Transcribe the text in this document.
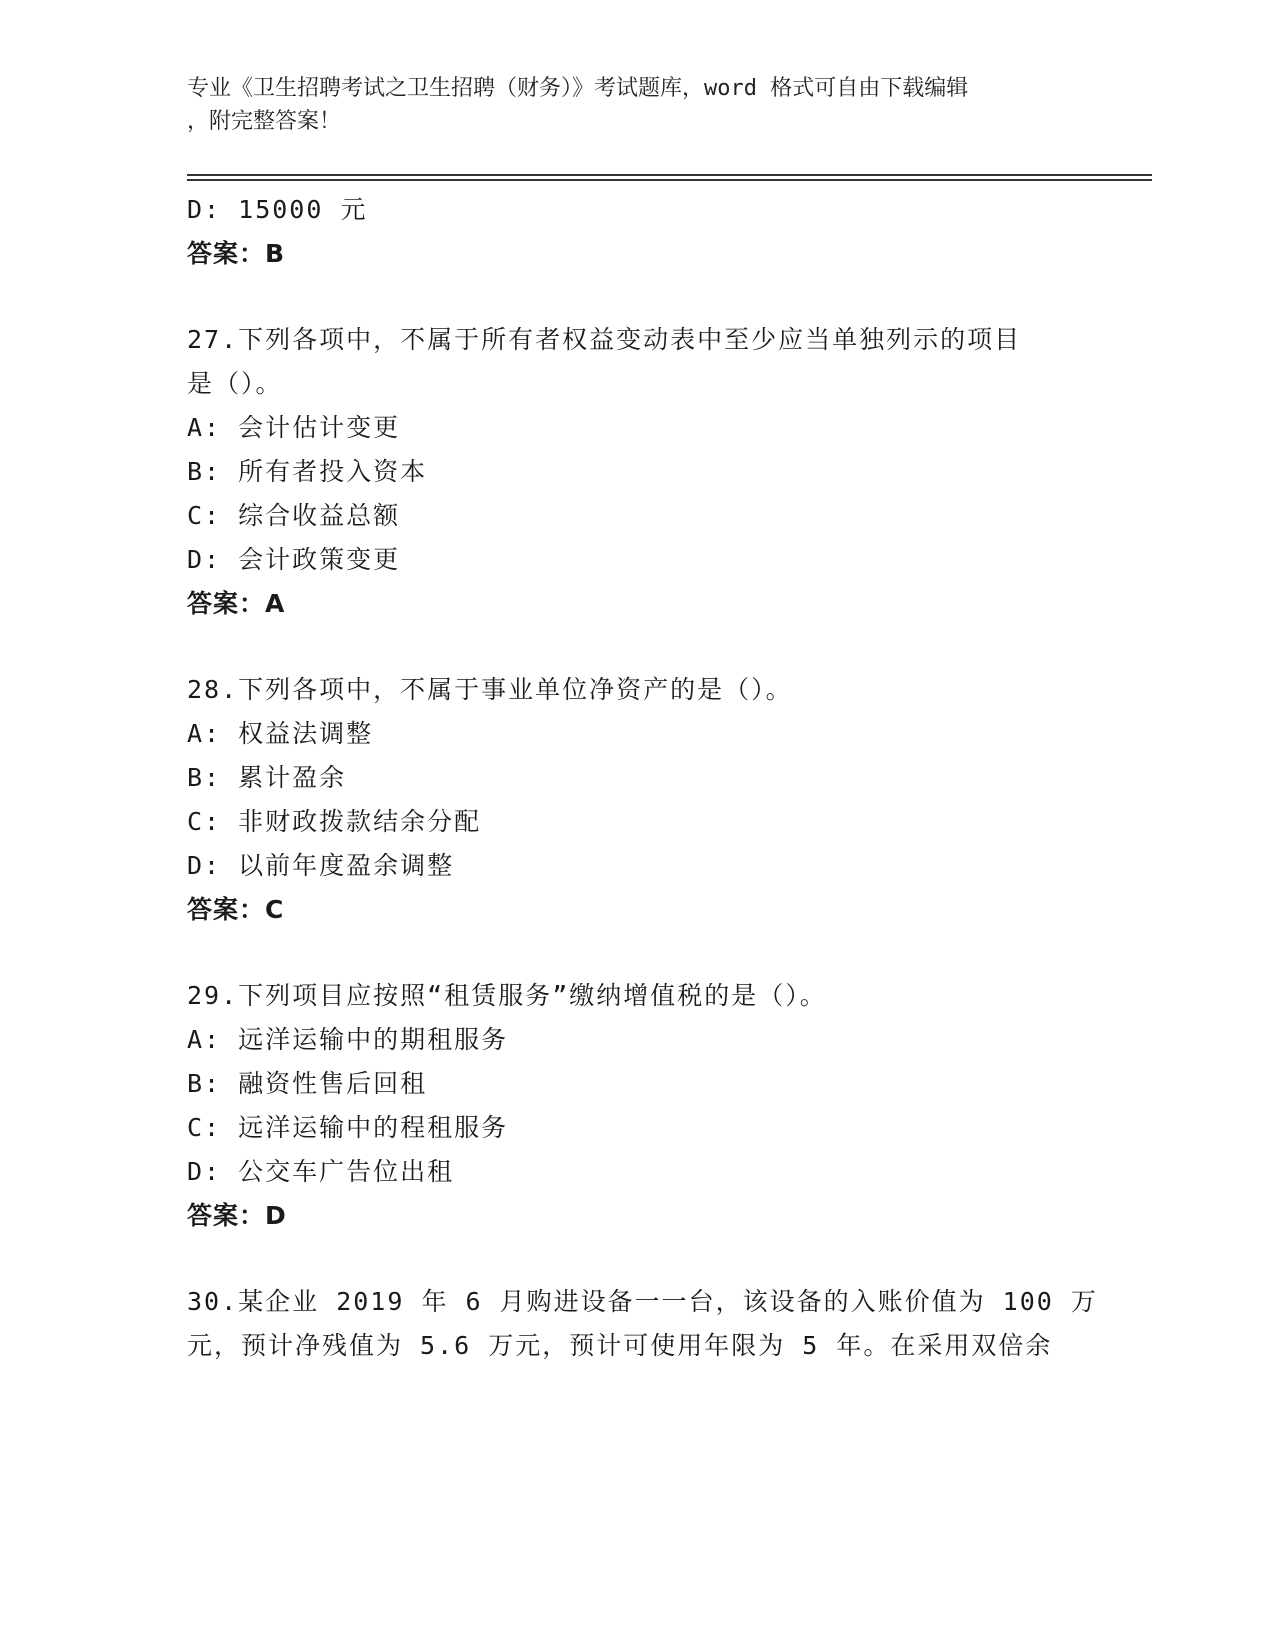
专业《卫生招聘考试之卫生招聘（财务）》考试题库，word 格式可自由下载编辑
，附完整答案！
D: 15000 元
答案：B
27.下列各项中，不属于所有者权益变动表中至少应当单独列示的项目
是（）。
A: 会计估计变更
B: 所有者投入资本
C: 综合收益总额
D: 会计政策变更
答案：A
28.下列各项中，不属于事业单位净资产的是（）。
A: 权益法调整
B: 累计盈余
C: 非财政拨款结余分配
D: 以前年度盈余调整
答案：C
29.下列项目应按照“租赁服务”缴纳增值税的是（）。
A: 远洋运输中的期租服务
B: 融资性售后回租
C: 远洋运输中的程租服务
D: 公交车广告位出租
答案：D
30.某企业 2019 年 6 月购进设备一一台，该设备的入账价值为 100 万
元，预计净残值为 5.6 万元，预计可使用年限为 5 年。在采用双倍余
